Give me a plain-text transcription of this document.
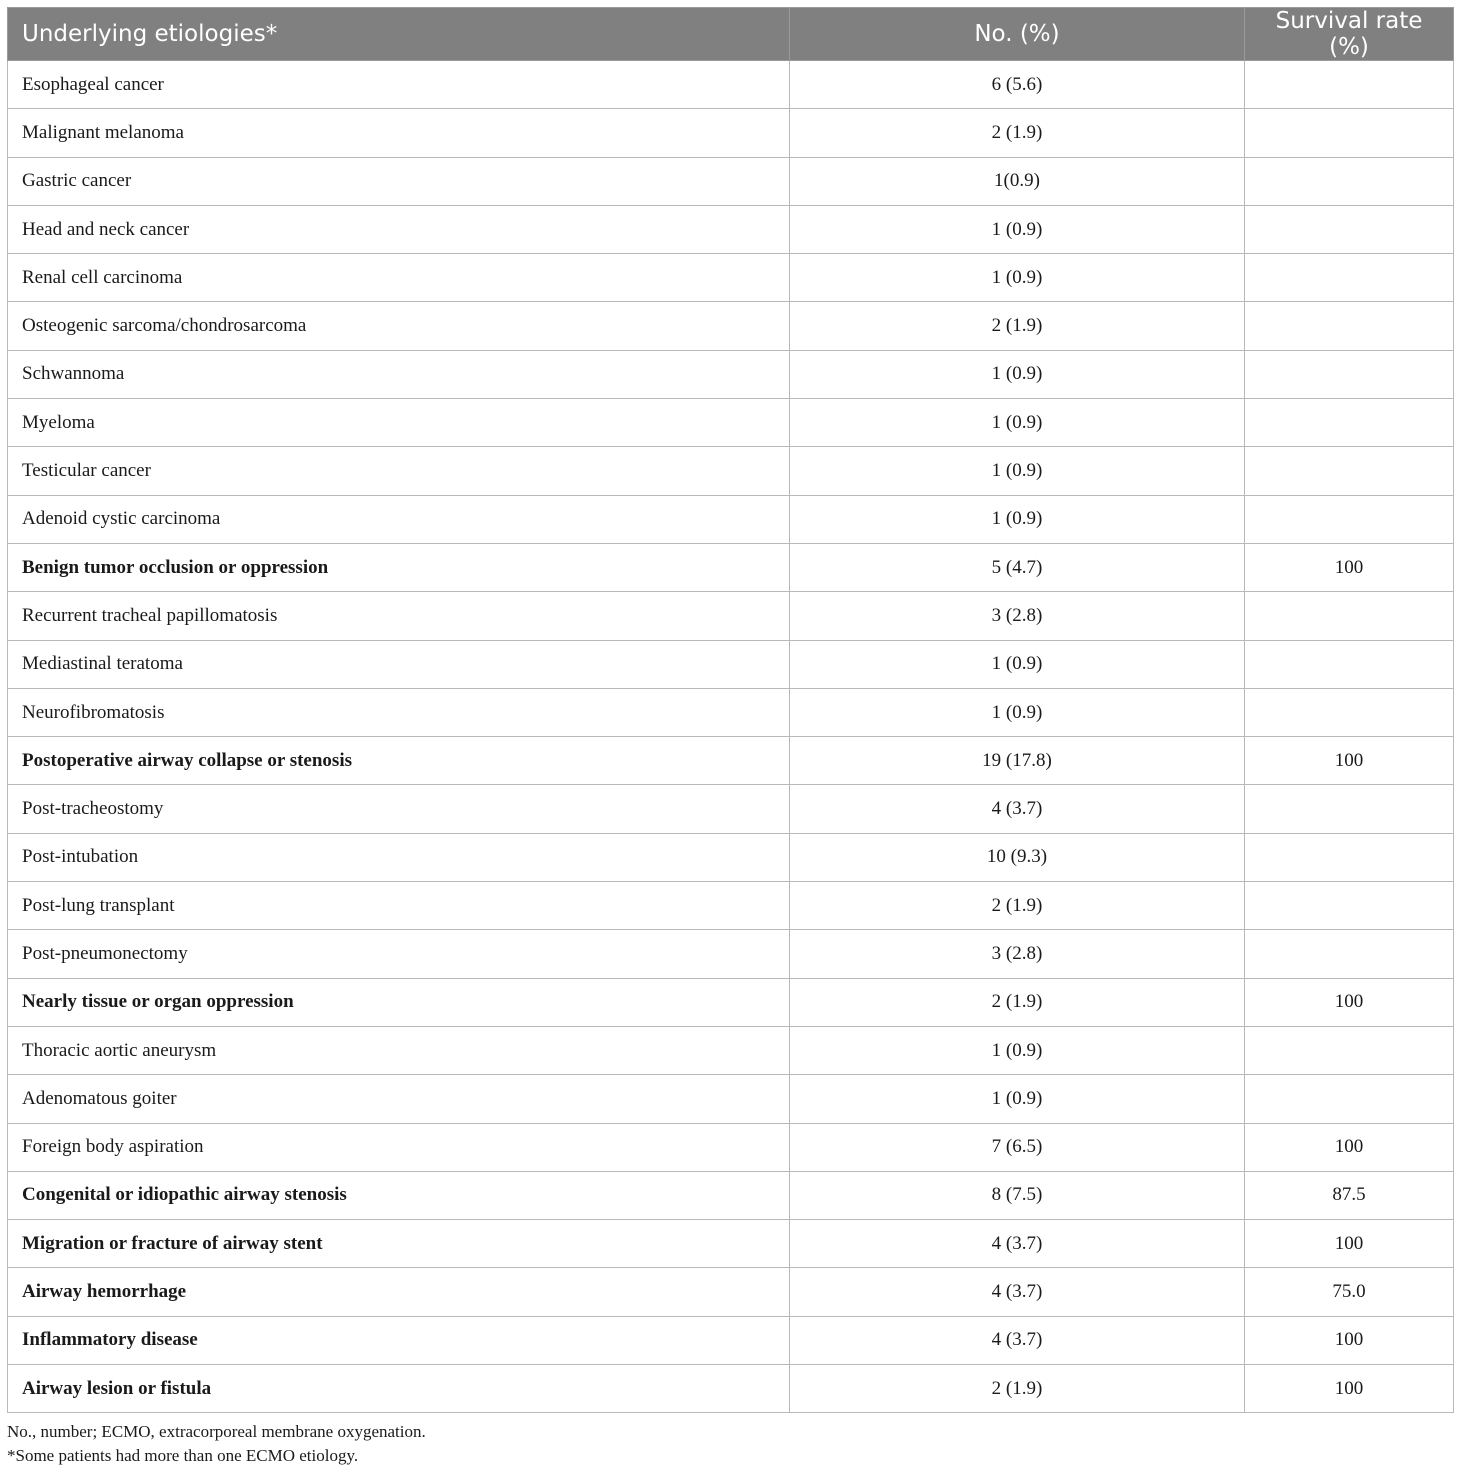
Underlying etiologies*	No. (%)	Survival rate (%)
Esophageal cancer	6 (5.6)	
Malignant melanoma	2 (1.9)	
Gastric cancer	1(0.9)	
Head and neck cancer	1 (0.9)	
Renal cell carcinoma	1 (0.9)	
Osteogenic sarcoma/chondrosarcoma	2 (1.9)	
Schwannoma	1 (0.9)	
Myeloma	1 (0.9)	
Testicular cancer	1 (0.9)	
Adenoid cystic carcinoma	1 (0.9)	
Benign tumor occlusion or oppression	5 (4.7)	100
Recurrent tracheal papillomatosis	3 (2.8)	
Mediastinal teratoma	1 (0.9)	
Neurofibromatosis	1 (0.9)	
Postoperative airway collapse or stenosis	19 (17.8)	100
Post-tracheostomy	4 (3.7)	
Post-intubation	10 (9.3)	
Post-lung transplant	2 (1.9)	
Post-pneumonectomy	3 (2.8)	
Nearly tissue or organ oppression	2 (1.9)	100
Thoracic aortic aneurysm	1 (0.9)	
Adenomatous goiter	1 (0.9)	
Foreign body aspiration	7 (6.5)	100
Congenital or idiopathic airway stenosis	8 (7.5)	87.5
Migration or fracture of airway stent	4 (3.7)	100
Airway hemorrhage	4 (3.7)	75.0
Inflammatory disease	4 (3.7)	100
Airway lesion or fistula	2 (1.9)	100
No., number; ECMO, extracorporeal membrane oxygenation.
*Some patients had more than one ECMO etiology.
